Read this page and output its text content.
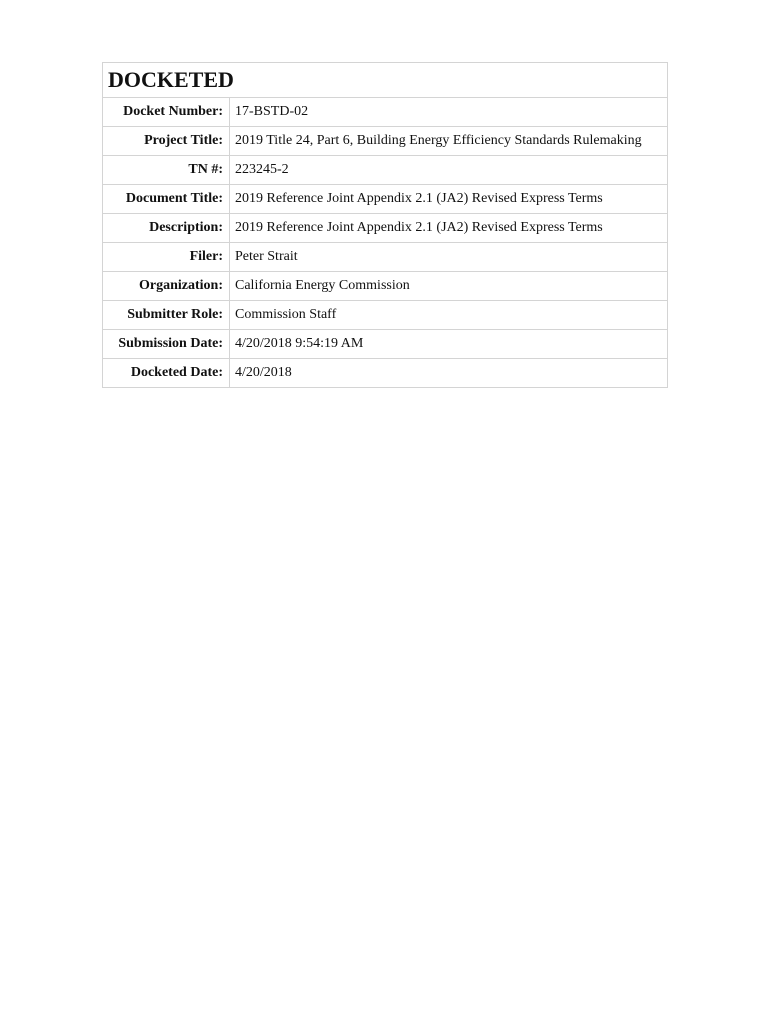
DOCKETED	
Docket Number:	17-BSTD-02
Project Title:	2019 Title 24, Part 6, Building Energy Efficiency Standards Rulemaking
TN #:	223245-2
Document Title:	2019 Reference Joint Appendix 2.1 (JA2) Revised Express Terms
Description:	2019 Reference Joint Appendix 2.1 (JA2) Revised Express Terms
Filer:	Peter Strait
Organization:	California Energy Commission
Submitter Role:	Commission Staff
Submission Date:	4/20/2018 9:54:19 AM
Docketed Date:	4/20/2018
